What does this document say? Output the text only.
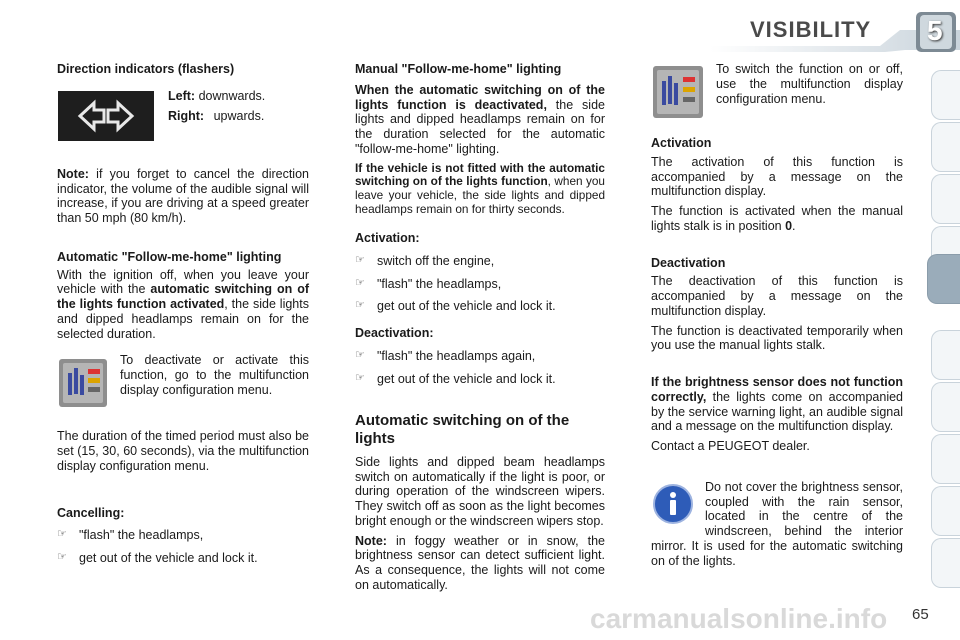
VISIBILITY 5
Direction indicators (flashers)
Left: downwards.
Right: upwards.

Note: if you forget to cancel the direction indicator, the volume of the audible signal will increase, if you are driving at a speed greater than 50 mph (80 km/h).

Automatic "Follow-me-home" lighting

With the ignition off, when you leave your vehicle with the automatic switching on of the lights function activated, the side lights and dipped headlamps remain on for the selected duration.

To deactivate or activate this function, go to the multifunction display configuration menu.

The duration of the timed period must also be set (15, 30, 60 seconds), via the multifunction display configuration menu.

Cancelling:
☞ "flash" the headlamps,
☞ get out of the vehicle and lock it.
Manual "Follow-me-home" lighting

When the automatic switching on of the lights function is deactivated, the side lights and dipped headlamps remain on for the duration selected for the automatic "follow-me-home" lighting.

If the vehicle is not fitted with the automatic switching on of the lights function, when you leave your vehicle, the side lights and dipped headlamps remain on for thirty seconds.

Activation:
☞ switch off the engine,
☞ "flash" the headlamps,
☞ get out of the vehicle and lock it.
Deactivation:
☞ "flash" the headlamps again,
☞ get out of the vehicle and lock it.
Automatic switching on of the lights

Side lights and dipped beam headlamps switch on automatically if the light is poor, or during operation of the windscreen wipers. They switch off as soon as the light becomes bright enough or the windscreen wipers stop.

Note: in foggy weather or in snow, the brightness sensor can detect sufficient light. As a consequence, the lights will not come on automatically.

To switch the function on or off, use the multifunction display configuration menu.

Activation

The activation of this function is accompanied by a message on the multifunction display.

The function is activated when the manual lights stalk is in position 0.

Deactivation

The deactivation of this function is accompanied by a message on the multifunction display.

The function is deactivated temporarily when you use the manual lights stalk.

If the brightness sensor does not function correctly, the lights come on accompanied by the service warning light, an audible signal and a message on the multifunction display.

Contact a PEUGEOT dealer.

Do not cover the brightness sensor, coupled with the rain sensor, located in the centre of the windscreen, behind the interior mirror. It is used for the automatic switching on of the lights.

65
carmanualsonline.info
